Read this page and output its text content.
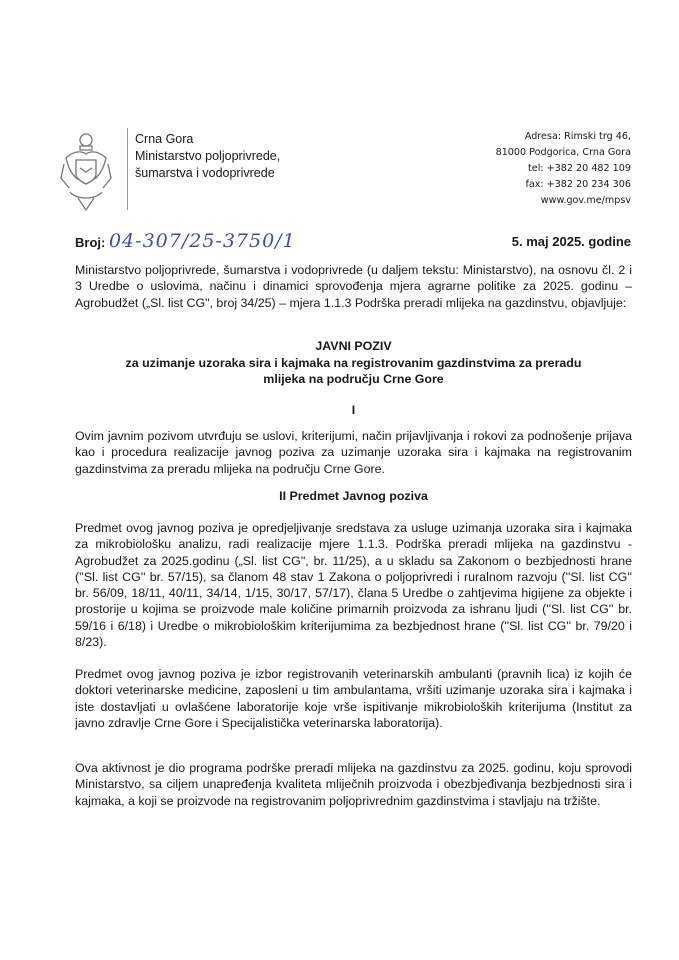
Crna Gora
Ministarstvo poljoprivrede,
šumarstva i vodoprivrede
Adresa: Rimski trg 46,
81000 Podgorica, Crna Gora
tel: +382 20 482 109
fax: +382 20 234 306
www.gov.me/mpsv
Broj: 04-307/25-3750/1	5. maj 2025. godine
Ministarstvo poljoprivrede, šumarstva i vodoprivrede (u daljem tekstu: Ministarstvo), na osnovu čl. 2 i 3 Uredbe o uslovima, načinu i dinamici sprovođenja mjera agrarne politike za 2025. godinu – Agrobudžet („Sl. list CG", broj 34/25) – mjera 1.1.3 Podrška preradi mlijeka na gazdinstvu, objavljuje:
JAVNI POZIV
za uzimanje uzoraka sira i kajmaka na registrovanim gazdinstvima za preradu mlijeka na području Crne Gore
I
Ovim javnim pozivom utvrđuju se uslovi, kriterijumi, način prijavljivanja i rokovi za podnošenje prijava kao i procedura realizacije javnog poziva za uzimanje uzoraka sira i kajmaka na registrovanim gazdinstvima za preradu mlijeka na području Crne Gore.
II Predmet Javnog poziva
Predmet ovog javnog poziva je opredjeljivanje sredstava za usluge uzimanja uzoraka sira i kajmaka za mikrobiološku analizu, radi realizacije mjere 1.1.3. Podrška preradi mlijeka na gazdinstvu - Agrobudžet za 2025.godinu („Sl. list CG", br. 11/25), a u skladu sa Zakonom o bezbjednosti hrane (''Sl. list CG'' br. 57/15), sa članom 48 stav 1 Zakona o poljoprivredi i ruralnom razvoju (''Sl. list CG'' br. 56/09, 18/11, 40/11, 34/14, 1/15, 30/17, 57/17), člana 5 Uredbe o zahtjevima higijene za objekte i prostorije u kojima se proizvode male količine primarnih proizvoda za ishranu ljudi (''Sl. list CG'' br. 59/16 i 6/18) i Uredbe o mikrobiološkim kriterijumima za bezbjednost hrane (''Sl. list CG'' br. 79/20 i 8/23).
Predmet ovog javnog poziva je izbor registrovanih veterinarskih ambulanti (pravnih lica) iz kojih će doktori veterinarske medicine, zaposleni u tim ambulantama, vršiti uzimanje uzoraka sira i kajmaka i iste dostavljati u ovlašćene laboratorije koje vrše ispitivanje mikrobioloških kriterijuma (Institut za javno zdravlje Crne Gore i Specijalistička veterinarska laboratorija).
Ova aktivnost je dio programa podrške preradi mlijeka na gazdinstvu za 2025. godinu, koju sprovodi Ministarstvo, sa ciljem unapređenja kvaliteta mliječnih proizvoda i obezbjeđivanja bezbjednosti sira i kajmaka, a koji se proizvode na registrovanim poljoprivrednim gazdinstvima i stavljaju na tržište.
